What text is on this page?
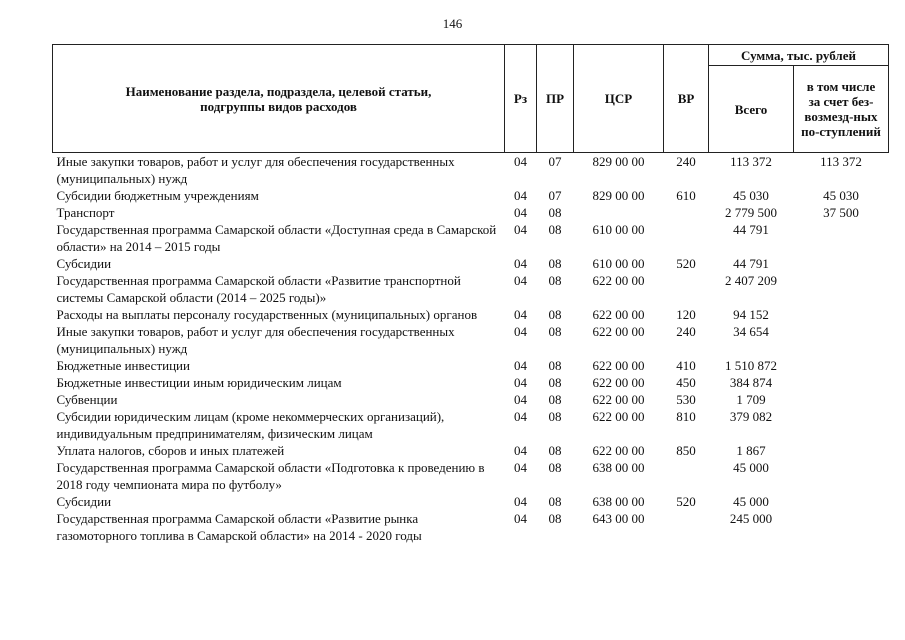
146
Наименование раздела, подраздела, целевой статьи, подгруппы видов расходов	Рз	ПР	ЦСР	ВР	Сумма, тыс. рублей	
					Всего	в том числе за счет без-возмезд-ных по-ступлений
Иные закупки товаров, работ и услуг для обеспечения государственных (муниципальных) нужд	04	07	829 00 00	240	113 372	113 372
Субсидии бюджетным учреждениям	04	07	829 00 00	610	45 030	45 030
Транспорт	04	08			2 779 500	37 500
Государственная программа Самарской области «Доступная среда в Самарской области» на 2014 – 2015 годы	04	08	610 00 00		44 791	
Субсидии	04	08	610 00 00	520	44 791	
Государственная программа Самарской области «Развитие транспортной системы Самарской области (2014 – 2025 годы)»	04	08	622 00 00		2 407 209	
Расходы на выплаты персоналу государственных (муниципальных) органов	04	08	622 00 00	120	94 152	
Иные закупки товаров, работ и услуг для обеспечения государственных (муниципальных) нужд	04	08	622 00 00	240	34 654	
Бюджетные инвестиции	04	08	622 00 00	410	1 510 872	
Бюджетные инвестиции иным юридическим лицам	04	08	622 00 00	450	384 874	
Субвенции	04	08	622 00 00	530	1 709	
Субсидии юридическим лицам (кроме некоммерческих организаций), индивидуальным предпринимателям, физическим лицам	04	08	622 00 00	810	379 082	
Уплата налогов, сборов и иных платежей	04	08	622 00 00	850	1 867	
Государственная программа Самарской области «Подготовка к проведению в 2018 году чемпионата мира по футболу»	04	08	638 00 00		45 000	
Субсидии	04	08	638 00 00	520	45 000	
Государственная программа Самарской области «Развитие рынка газомоторного топлива в Самарской области» на 2014 - 2020 годы	04	08	643 00 00		245 000	
